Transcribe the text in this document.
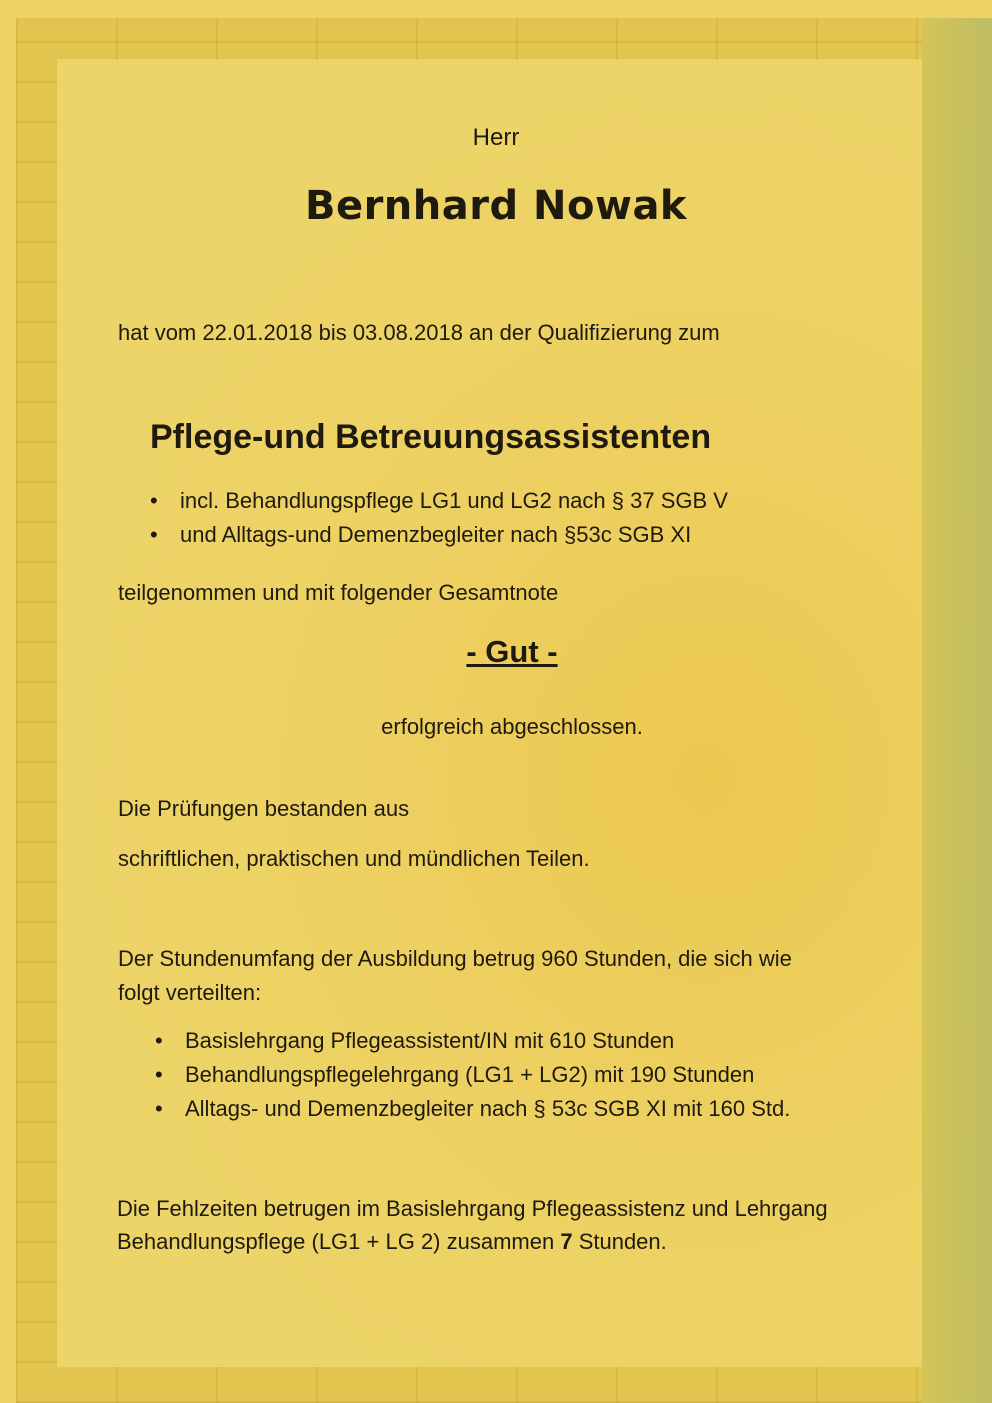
Herr
Bernhard Nowak
hat vom 22.01.2018 bis 03.08.2018 an der Qualifizierung zum
Pflege-und Betreuungsassistenten
• incl. Behandlungspflege LG1 und LG2 nach § 37 SGB V
• und Alltags-und Demenzbegleiter nach §53c SGB XI
teilgenommen und mit folgender Gesamtnote
- Gut -
erfolgreich abgeschlossen.
Die Prüfungen bestanden aus
schriftlichen, praktischen und mündlichen Teilen.
Der Stundenumfang der Ausbildung betrug 960 Stunden, die sich wie
folgt verteilten:
• Basislehrgang Pflegeassistent/IN mit 610 Stunden
• Behandlungspflegelehrgang (LG1 + LG2) mit 190 Stunden
• Alltags- und Demenzbegleiter nach § 53c SGB XI mit 160 Std.
Die Fehlzeiten betrugen im Basislehrgang Pflegeassistenz und Lehrgang
Behandlungspflege (LG1 + LG 2) zusammen 7 Stunden.
